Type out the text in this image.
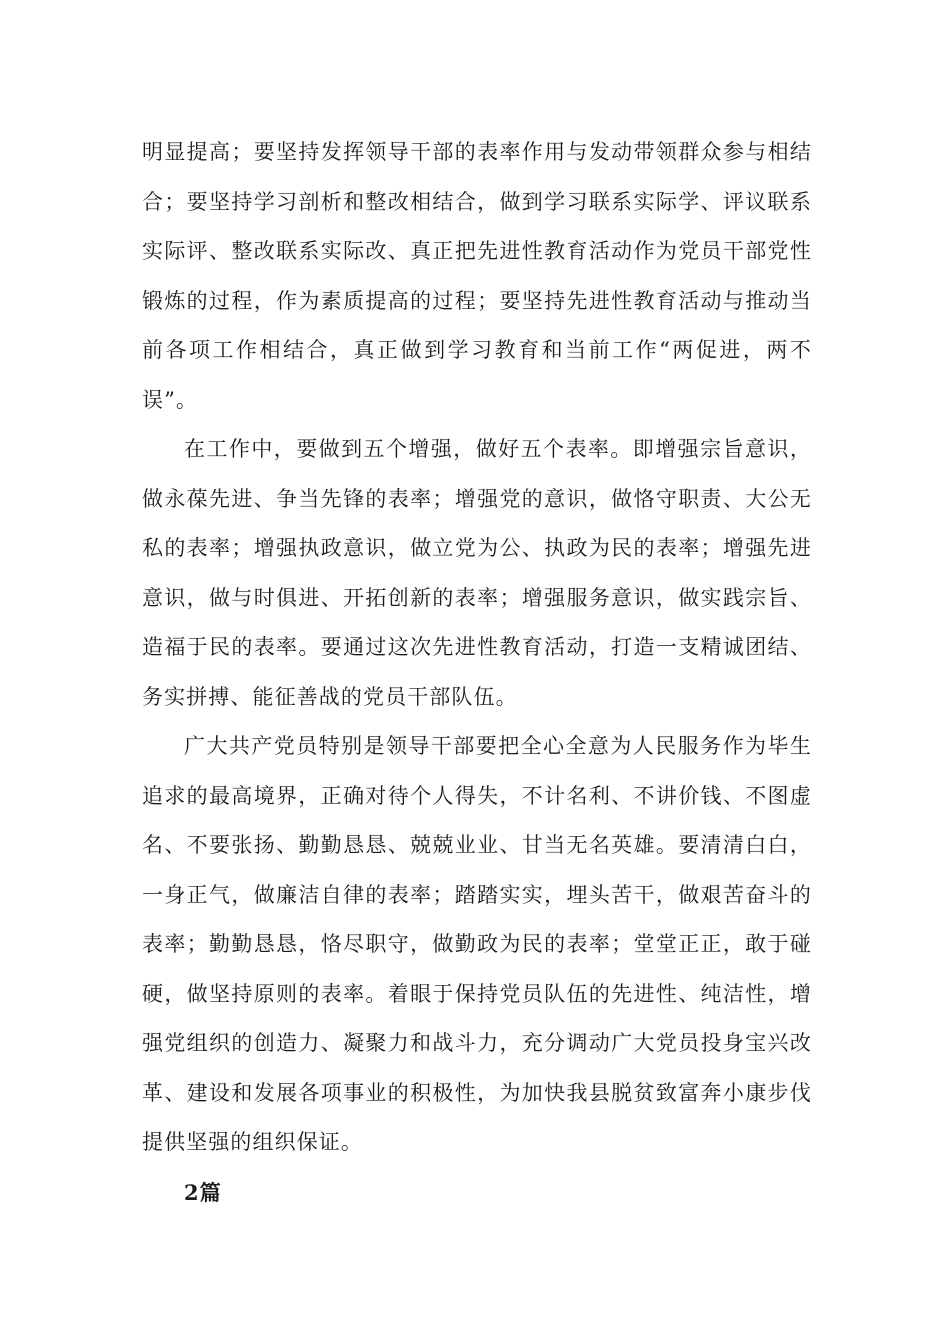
明显提高；要坚持发挥领导干部的表率作用与发动带领群众参与相结合；要坚持学习剖析和整改相结合，做到学习联系实际学、评议联系实际评、整改联系实际改、真正把先进性教育活动作为党员干部党性锻炼的过程，作为素质提高的过程；要坚持先进性教育活动与推动当前各项工作相结合，真正做到学习教育和当前工作“两促进，两不误”。

在工作中，要做到五个增强，做好五个表率。即增强宗旨意识，做永葆先进、争当先锋的表率；增强党的意识，做恪守职责、大公无私的表率；增强执政意识，做立党为公、执政为民的表率；增强先进意识，做与时俱进、开拓创新的表率；增强服务意识，做实践宗旨、造福于民的表率。要通过这次先进性教育活动，打造一支精诚团结、务实拼搏、能征善战的党员干部队伍。

广大共产党员特别是领导干部要把全心全意为人民服务作为毕生追求的最高境界，正确对待个人得失，不计名利、不讲价钱、不图虚名、不要张扬、勤勤恳恳、兢兢业业、甘当无名英雄。要清清白白，一身正气，做廉洁自律的表率；踏踏实实，埋头苦干，做艰苦奋斗的表率；勤勤恳恳，恪尽职守，做勤政为民的表率；堂堂正正，敢于碰硬，做坚持原则的表率。着眼于保持党员队伍的先进性、纯洁性，增强党组织的创造力、凝聚力和战斗力，充分调动广大党员投身宝兴改革、建设和发展各项事业的积极性，为加快我县脱贫致富奔小康步伐提供坚强的组织保证。

2篇
